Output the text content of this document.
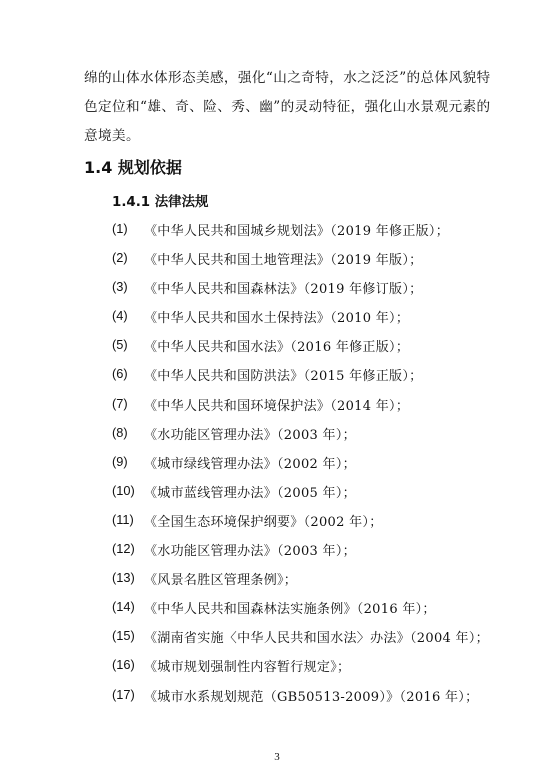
绵的山体水体形态美感，强化“山之奇特，水之泛泛”的总体风貌特
色定位和“雄、奇、险、秀、幽”的灵动特征，强化山水景观元素的
意境美。
1.4 规划依据
1.4.1 法律法规
(1) 《中华人民共和国城乡规划法》（2019 年修正版）；
(2) 《中华人民共和国土地管理法》（2019 年版）；
(3) 《中华人民共和国森林法》（2019 年修订版）；
(4) 《中华人民共和国水土保持法》（2010 年）；
(5) 《中华人民共和国水法》（2016 年修正版）；
(6) 《中华人民共和国防洪法》（2015 年修正版）；
(7) 《中华人民共和国环境保护法》（2014 年）；
(8) 《水功能区管理办法》（2003 年）；
(9) 《城市绿线管理办法》（2002 年）；
(10) 《城市蓝线管理办法》（2005 年）；
(11) 《全国生态环境保护纲要》（2002 年）；
(12) 《水功能区管理办法》（2003 年）；
(13) 《风景名胜区管理条例》；
(14) 《中华人民共和国森林法实施条例》（2016 年）；
(15) 《湖南省实施〈中华人民共和国水法〉办法》（2004 年）；
(16) 《城市规划强制性内容暂行规定》；
(17) 《城市水系规划规范（GB50513-2009）》（2016 年）；
3
